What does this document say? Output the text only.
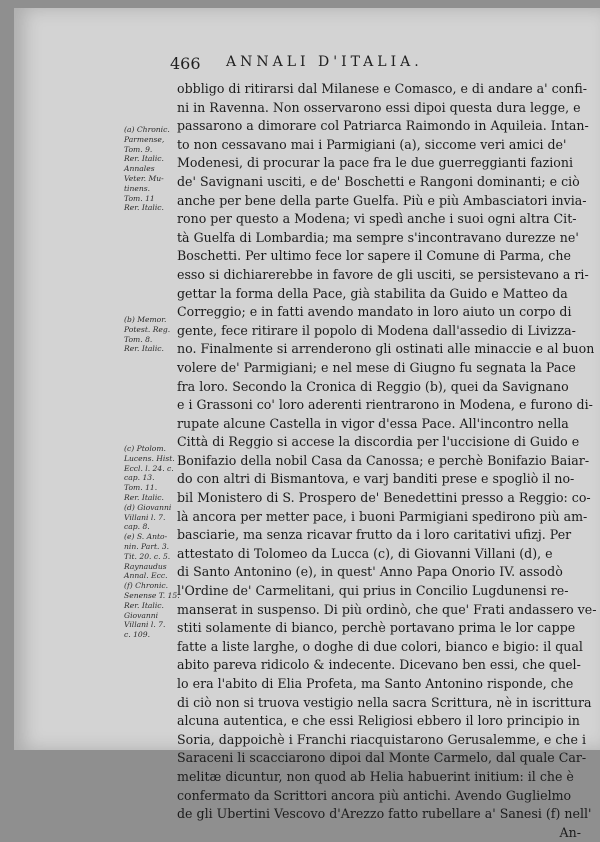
466 ANNALI D'ITALIA.
obbligo di ritirarsi dal Milanese e Comasco, e di andare a' confi-
ni in Ravenna. Non osservarono essi dipoi questa dura legge, e
passarono a dimorare col Patriarca Raimondo in Aquileia. Intan-
to non cessavano mai i Parmigiani (a), siccome veri amici de'
Modenesi, di procurar la pace fra le due guerreggianti fazioni
de' Savignani usciti, e de' Boschetti e Rangoni dominanti; e ciò
anche per bene della parte Guelfa. Più e più Ambasciatori invia-
rono per questo a Modena; vi spedì anche i suoi ogni altra Cit-
tà Guelfa di Lombardia; ma sempre s'incontravano durezze ne'
Boschetti. Per ultimo fece lor sapere il Comune di Parma, che
esso si dichiarerebbe in favore de gli usciti, se persistevano a ri-
gettar la forma della Pace, già stabilita da Guido e Matteo da
Correggio; e in fatti avendo mandato in loro aiuto un corpo di
gente, fece ritirare il popolo di Modena dall'assedio di Livizza-
no. Finalmente si arrenderono gli ostinati alle minaccie e al buon
volere de' Parmigiani; e nel mese di Giugno fu segnata la Pace
fra loro. Secondo la Cronica di Reggio (b), quei da Savignano
e i Grassoni co' loro aderenti rientrarono in Modena, e furono di-
rupate alcune Castella in vigor d'essa Pace. All'incontro nella
Città di Reggio si accese la discordia per l'uccisione di Guido e
Bonifazio della nobil Casa da Canossa; e perchè Bonifazio Baiar-
do con altri di Bismantova, e varj banditi prese e spogliò il no-
bil Monistero di S. Prospero de' Benedettini presso a Reggio: co-
là ancora per metter pace, i buoni Parmigiani spedirono più am-
basciarie, ma senza ricavar frutto da i loro caritativi ufizj. Per
attestato di Tolomeo da Lucca (c), di Giovanni Villani (d), e
di Santo Antonino (e), in quest' Anno Papa Onorio IV. assodò
l'Ordine de' Carmelitani, qui prius in Concilio Lugdunensi re-
manserat in suspenso. Di più ordinò, che que' Frati andassero ve-
stiti solamente di bianco, perchè portavano prima le lor cappe
fatte a liste larghe, o doghe di due colori, bianco e bigio: il qual
abito pareva ridicolo & indecente. Dicevano ben essi, che quel-
lo era l'abito di Elia Profeta, ma Santo Antonino risponde, che
di ciò non si truova vestigio nella sacra Scrittura, nè in iscrittura
alcuna autentica, e che essi Religiosi ebbero il loro principio in
Soria, dappoichè i Franchi riacquistarono Gerusalemme, e che i
Saraceni li scacciarono dipoi dal Monte Carmelo, dal quale Car-
melitæ dicuntur, non quod ab Helia habuerint initium: il che è
confermato da Scrittori ancora più antichi. Avendo Guglielmo
de gli Ubertini Vescovo d'Arezzo fatto rubellare a' Sanesi (f) nell'
An-
(a) Chronic.
Parmense,
Tom. 9.
Rer. Italic.
Annales
Veter. Mu-
tinens.
Tom. 11
Rer. Italic.
(b) Memor.
Potest. Reg.
Tom. 8.
Rer. Italic.
(c) Ptolom.
Lucens. Hist.
Eccl. l. 24. c.
cap. 13.
Tom. 11.
Rer. Italic.
(d) Giovanni
Villani l. 7.
cap. 8.
(e) S. Anto-
nin. Part. 3.
Tit. 20. c. 5.
Raynaudus
Annal. Ecc.
(f) Chronic.
Senense T. 15.
Rer. Italic.
Giovanni
Villani l. 7.
c. 109.
